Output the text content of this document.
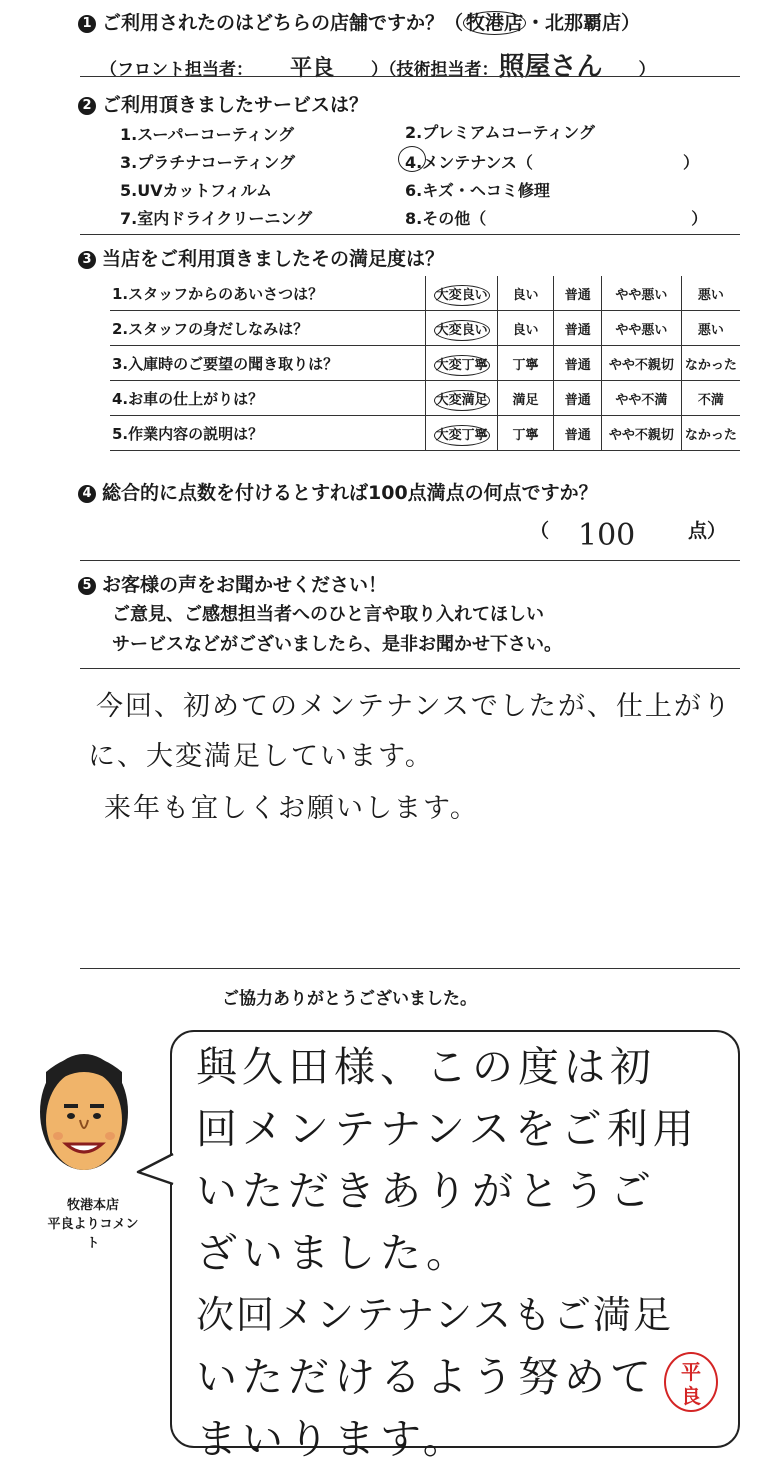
1 ご利用されたのはどちらの店舗ですか？（ 牧港店 ・北那覇店）
（フロント担当者： 平良 ）（技術担当者：照屋さん ）
2 ご利用頂きましたサービスは？
1.スーパーコーティング	2.プレミアムコーティング
3.プラチナコーティング	4.メンテナンス（	）
5.UVカットフィルム	6.キズ・ヘコミ修理
7.室内ドライクリーニング	8.その他（	）
3 当店をご利用頂きましたその満足度は？
1.スタッフからのあいさつは？	大変良い	良い	普通	やや悪い	悪い
2.スタッフの身だしなみは？	大変良い	良い	普通	やや悪い	悪い
3.入庫時のご要望の聞き取りは？	大変丁寧	丁寧	普通	やや不親切	なかった
4.お車の仕上がりは？	大変満足	満足	普通	やや不満	不満
5.作業内容の説明は？	大変丁寧	丁寧	普通	やや不親切	なかった
4 総合的に点数を付けるとすれば100点満点の何点ですか？
（ 100	点）
5 お客様の声をお聞かせください！
ご意見、ご感想担当者へのひと言や取り入れてほしい
サービスなどがございましたら、是非お聞かせ下さい。
今回、初めてのメンテナンスでしたが、仕上がり
に、大変満足しています。
来年も宜しくお願いします。
ご協力ありがとうございました。
牧港本店
平良よりコメント
與久田様、この度は初
回メンテナンスをご利用
いただきありがとうご
ざいました。
次回メンテナンスもご満足
いただけるよう努めて
まいります。
平
良
